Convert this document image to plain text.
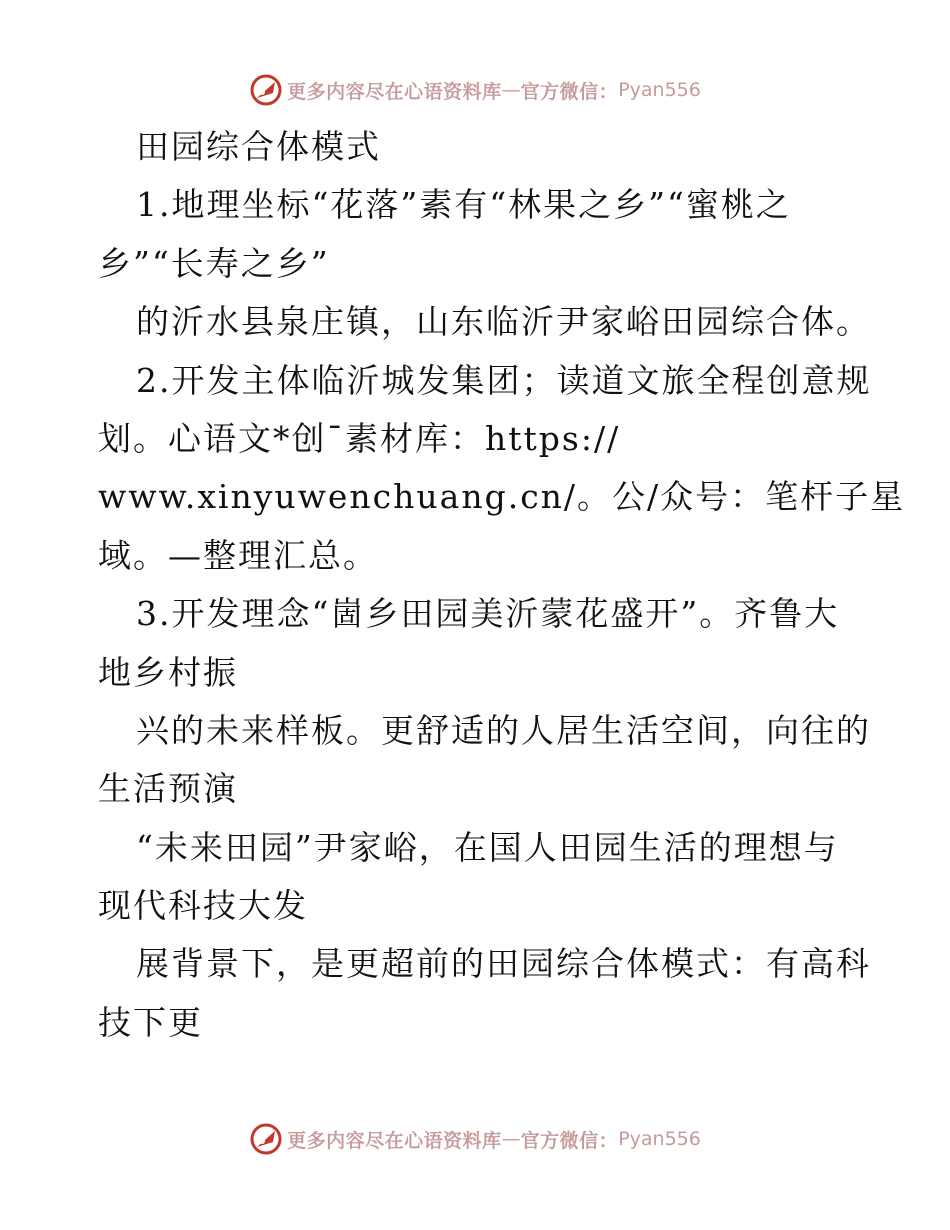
更多内容尽在心语资料库 — 官方微信： Pyan556
田园综合体模式
1.地理坐标“花落”素有“林果之乡”“蜜桃之
乡”“长寿之乡”
的沂水县泉庄镇，山东临沂尹家峪田园综合体。
2.开发主体临沂城发集团；读道文旅全程创意规
划。心语文*创¯素材库：https://
www.xinyuwenchuang.cn/。公/众号：笔杆子星
域。—整理汇总。
3.开发理念“崮乡田园美沂蒙花盛开”。齐鲁大
地乡村振
兴的未来样板。更舒适的人居生活空间，向往的
生活预演
“未来田园”尹家峪，在国人田园生活的理想与
现代科技大发
展背景下，是更超前的田园综合体模式：有高科
技下更
更多内容尽在心语资料库 — 官方微信： Pyan556
